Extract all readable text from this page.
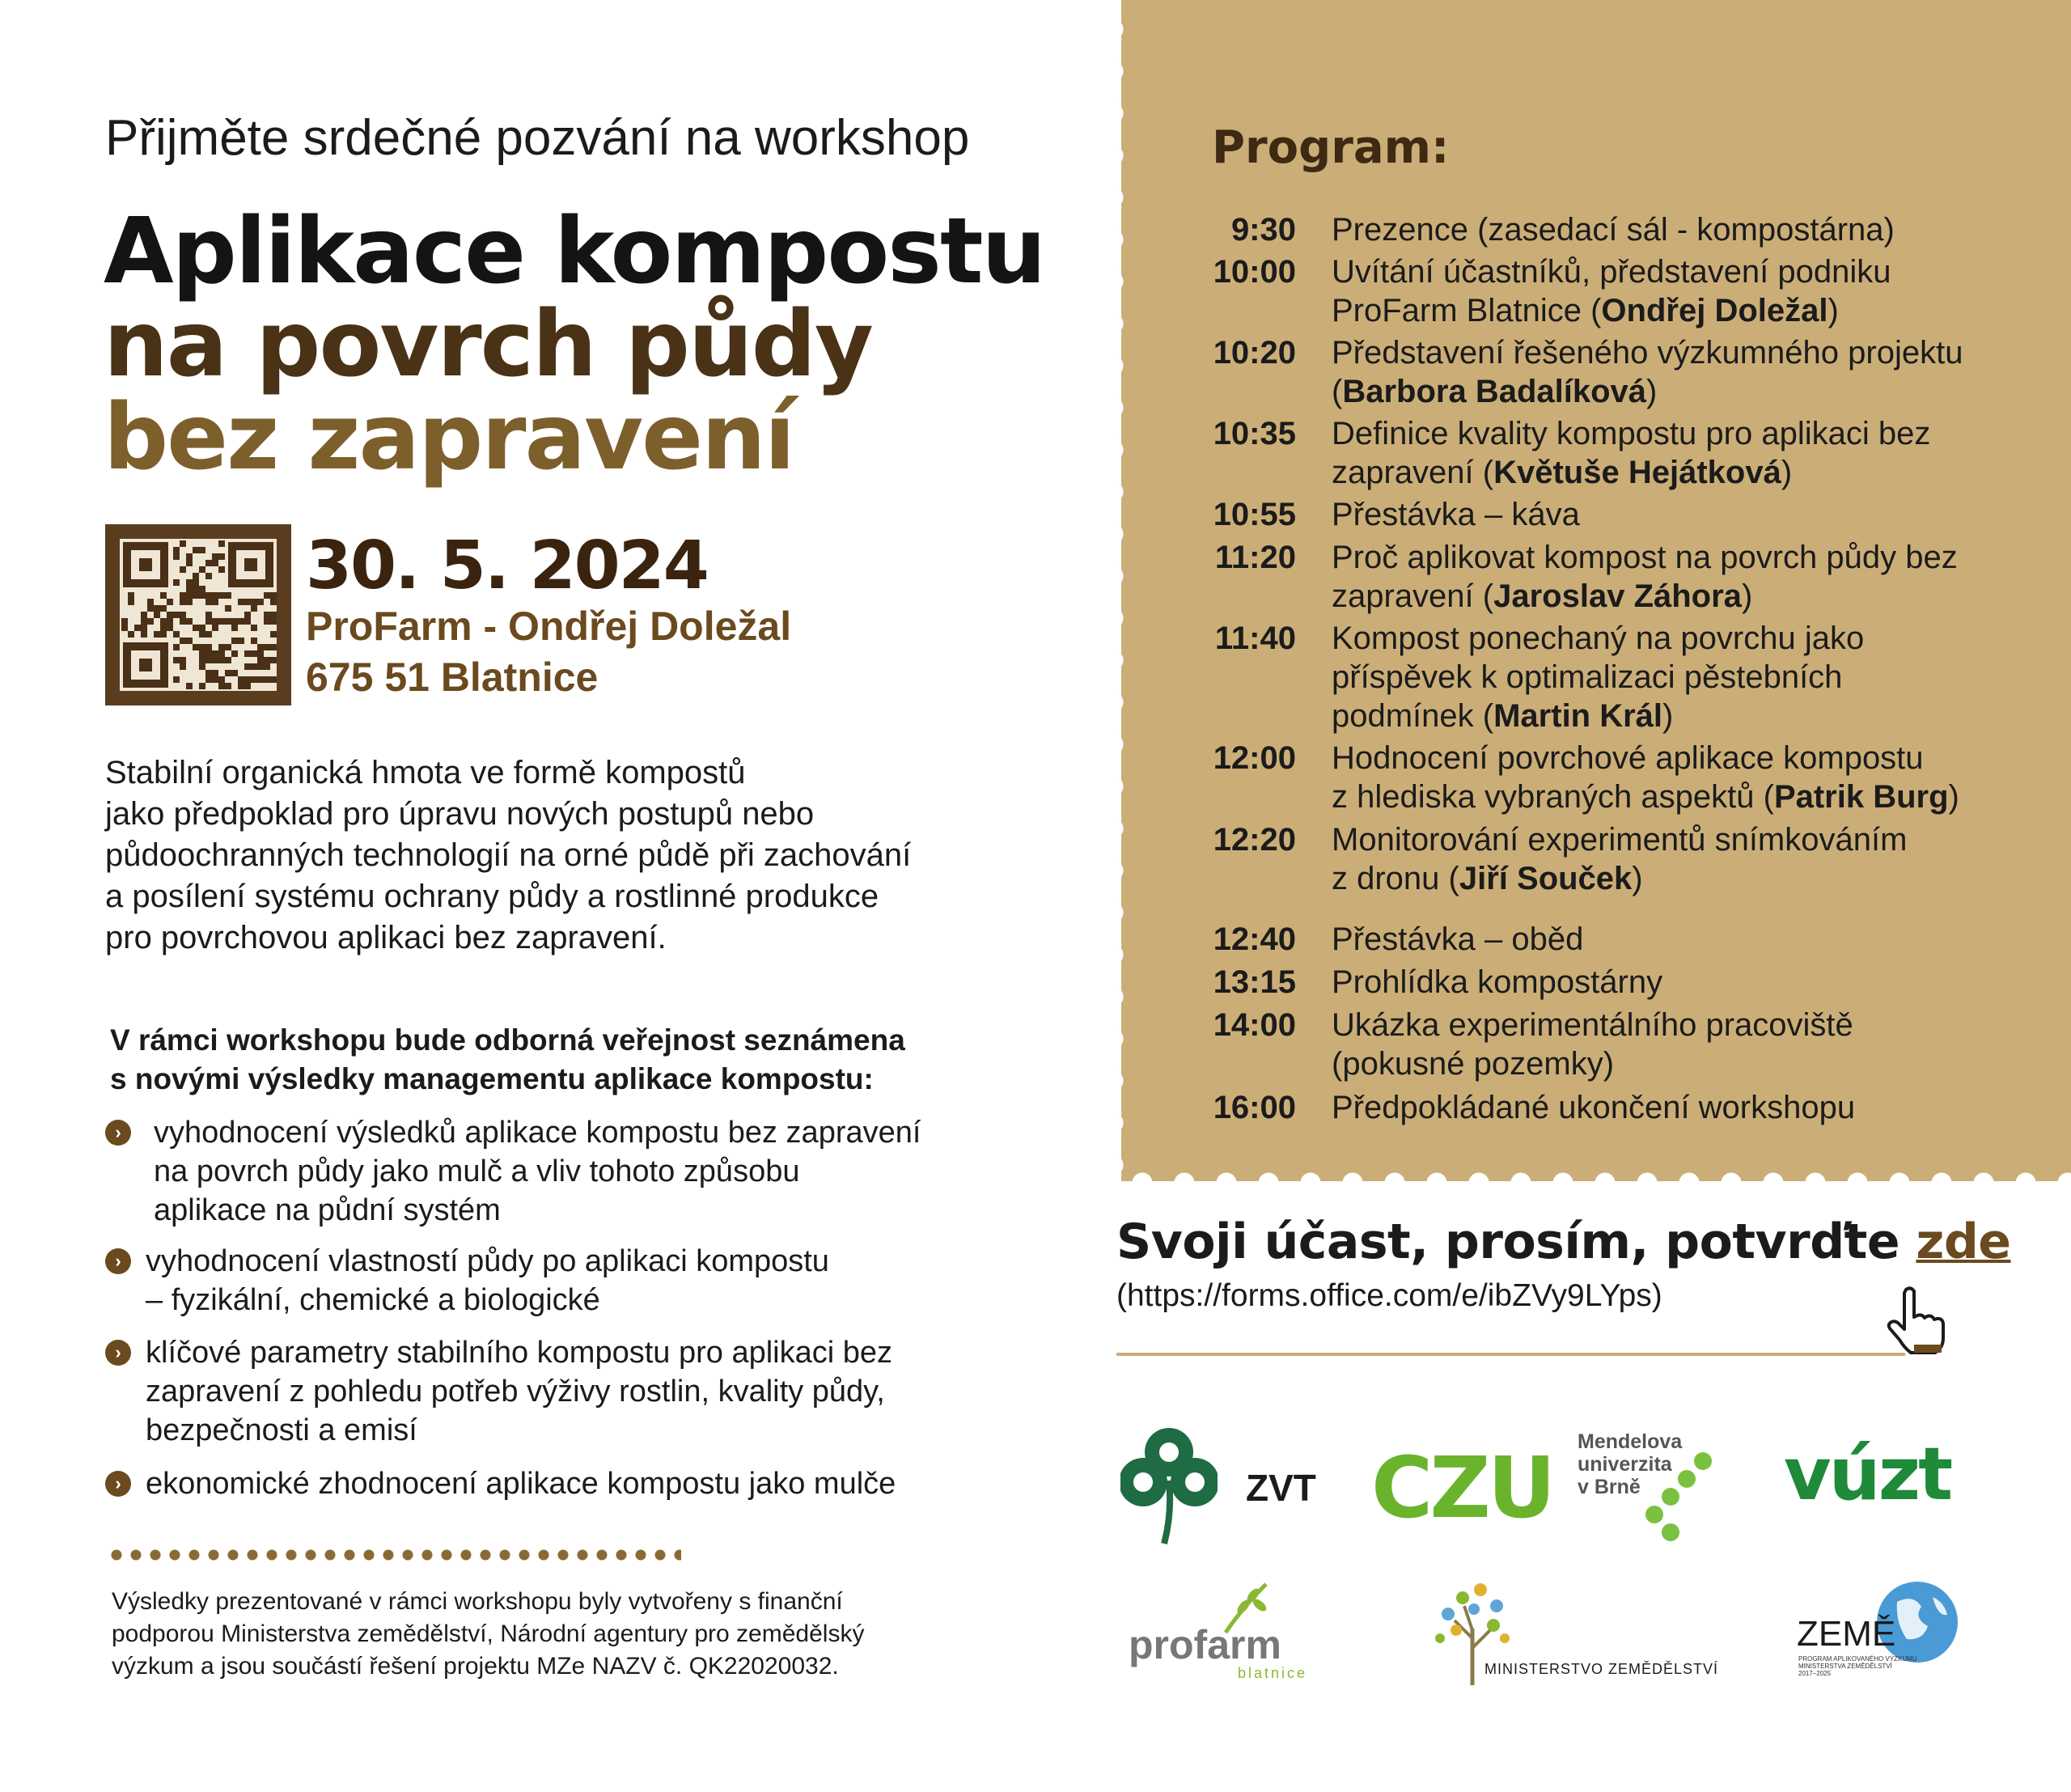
Přijměte srdečné pozvání na workshop
Aplikace kompostu
na povrch půdy
bez zapravení
30. 5. 2024
ProFarm - Ondřej Doležal
675 51 Blatnice
Stabilní organická hmota ve formě kompostů
jako předpoklad pro úpravu nových postupů nebo
půdoochranných technologií na orné půdě při zachování
a posílení systému ochrany půdy a rostlinné produkce
pro povrchovou aplikaci bez zapravení.
V rámci workshopu bude odborná veřejnost seznámena
s novými výsledky managementu aplikace kompostu:
›	vyhodnocení výsledků aplikace kompostu bez zapravení
na povrch půdy jako mulč a vliv tohoto způsobu
aplikace na půdní systém
› vyhodnocení vlastností půdy po aplikaci kompostu
– fyzikální, chemické a biologické
› klíčové parametry stabilního kompostu pro aplikaci bez
zapravení z pohledu potřeb výživy rostlin, kvality půdy,
bezpečnosti a emisí
› ekonomické zhodnocení aplikace kompostu jako mulče
Výsledky prezentované v rámci workshopu byly vytvořeny s finanční
podporou Ministerstva zemědělství, Národní agentury pro zemědělský
výzkum a jsou součástí řešení projektu MZe NAZV č. QK22020032.
Program:
9:30 Prezence (zasedací sál - kompostárna)
10:00 Uvítání účastníků, představení podniku
ProFarm Blatnice (Ondřej Doležal)
10:20 Představení řešeného výzkumného projektu
(Barbora Badalíková)
10:35 Definice kvality kompostu pro aplikaci bez
zapravení (Květuše Hejátková)
10:55 Přestávka – káva
11:20 Proč aplikovat kompost na povrch půdy bez
zapravení (Jaroslav Záhora)
11:40 Kompost ponechaný na povrchu jako
příspěvek k optimalizaci pěstebních
podmínek (Martin Král)
12:00 Hodnocení povrchové aplikace kompostu
z hlediska vybraných aspektů (Patrik Burg)
12:20 Monitorování experimentů snímkováním
z dronu (Jiří Souček)
12:40 Přestávka – oběd
13:15 Prohlídka kompostárny
14:00 Ukázka experimentálního pracoviště
(pokusné pozemky)
16:00 Předpokládané ukončení workshopu
Svoji účast, prosím, potvrďte zde
(https://forms.office.com/e/ibZVy9LYps)
ZVT CZU Mendelova
univerzita
v Brně	vúzt
profarm
blatnice	MINISTERSTVO ZEMĚDĚLSTVÍ
ZEMĚ
PROGRAM APLIKOVANÉHO VÝZKUMU
MINISTERSTVA ZEMĚDĚLSTVÍ
2017–2025
